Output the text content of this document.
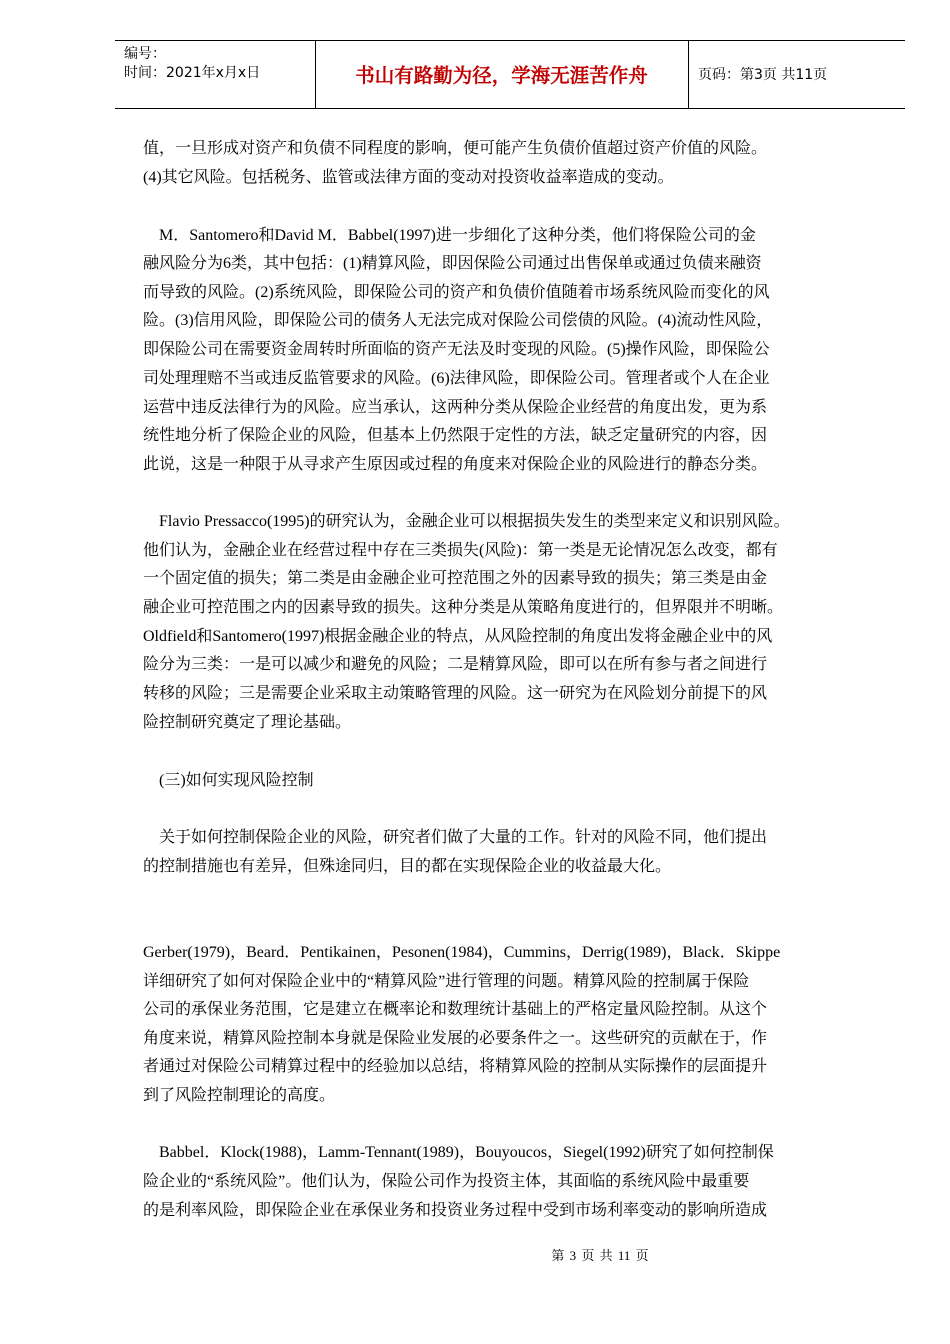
编号：
时间：2021年x月x日	书山有路勤为径，学海无涯苦作舟	页码：第3页 共11页
值，一旦形成对资产和负债不同程度的影响，便可能产生负债价值超过资产价值的风险。
(4)其它风险。包括税务、监管或法律方面的变动对投资收益率造成的变动。
　M．Santomero和David M．Babbel(1997)进一步细化了这种分类，他们将保险公司的金
融风险分为6类，其中包括：(1)精算风险，即因保险公司通过出售保单或通过负债来融资
而导致的风险。(2)系统风险，即保险公司的资产和负债价值随着市场系统风险而变化的风
险。(3)信用风险，即保险公司的债务人无法完成对保险公司偿债的风险。(4)流动性风险，
即保险公司在需要资金周转时所面临的资产无法及时变现的风险。(5)操作风险，即保险公
司处理理赔不当或违反监管要求的风险。(6)法律风险，即保险公司。管理者或个人在企业
运营中违反法律行为的风险。应当承认，这两种分类从保险企业经营的角度出发，更为系
统性地分析了保险企业的风险，但基本上仍然限于定性的方法，缺乏定量研究的内容，因
此说，这是一种限于从寻求产生原因或过程的角度来对保险企业的风险进行的静态分类。
　Flavio Pressacco(1995)的研究认为，金融企业可以根据损失发生的类型来定义和识别风险。
他们认为，金融企业在经营过程中存在三类损失(风险)：第一类是无论情况怎么改变，都有
一个固定值的损失；第二类是由金融企业可控范围之外的因素导致的损失；第三类是由金
融企业可控范围之内的因素导致的损失。这种分类是从策略角度进行的，但界限并不明晰。
Oldfield和Santomero(1997)根据金融企业的特点，从风险控制的角度出发将金融企业中的风
险分为三类：一是可以减少和避免的风险；二是精算风险，即可以在所有参与者之间进行
转移的风险；三是需要企业采取主动策略管理的风险。这一研究为在风险划分前提下的风
险控制研究奠定了理论基础。
　(三)如何实现风险控制
　关于如何控制保险企业的风险，研究者们做了大量的工作。针对的风险不同，他们提出
的控制措施也有差异，但殊途同归，目的都在实现保险企业的收益最大化。
Gerber(1979)，Beard．Pentikainen，Pesonen(1984)，Cummins，Derrig(1989)，Black．Skippe
详细研究了如何对保险企业中的“精算风险”进行管理的问题。精算风险的控制属于保险
公司的承保业务范围，它是建立在概率论和数理统计基础上的严格定量风险控制。从这个
角度来说，精算风险控制本身就是保险业发展的必要条件之一。这些研究的贡献在于，作
者通过对保险公司精算过程中的经验加以总结，将精算风险的控制从实际操作的层面提升
到了风险控制理论的高度。
　Babbel．Klock(1988)，Lamm-Tennant(1989)，Bouyoucos，Siegel(1992)研究了如何控制保
险企业的“系统风险”。他们认为，保险公司作为投资主体，其面临的系统风险中最重要
的是利率风险，即保险企业在承保业务和投资业务过程中受到市场利率变动的影响所造成
第 3 页 共 11 页
